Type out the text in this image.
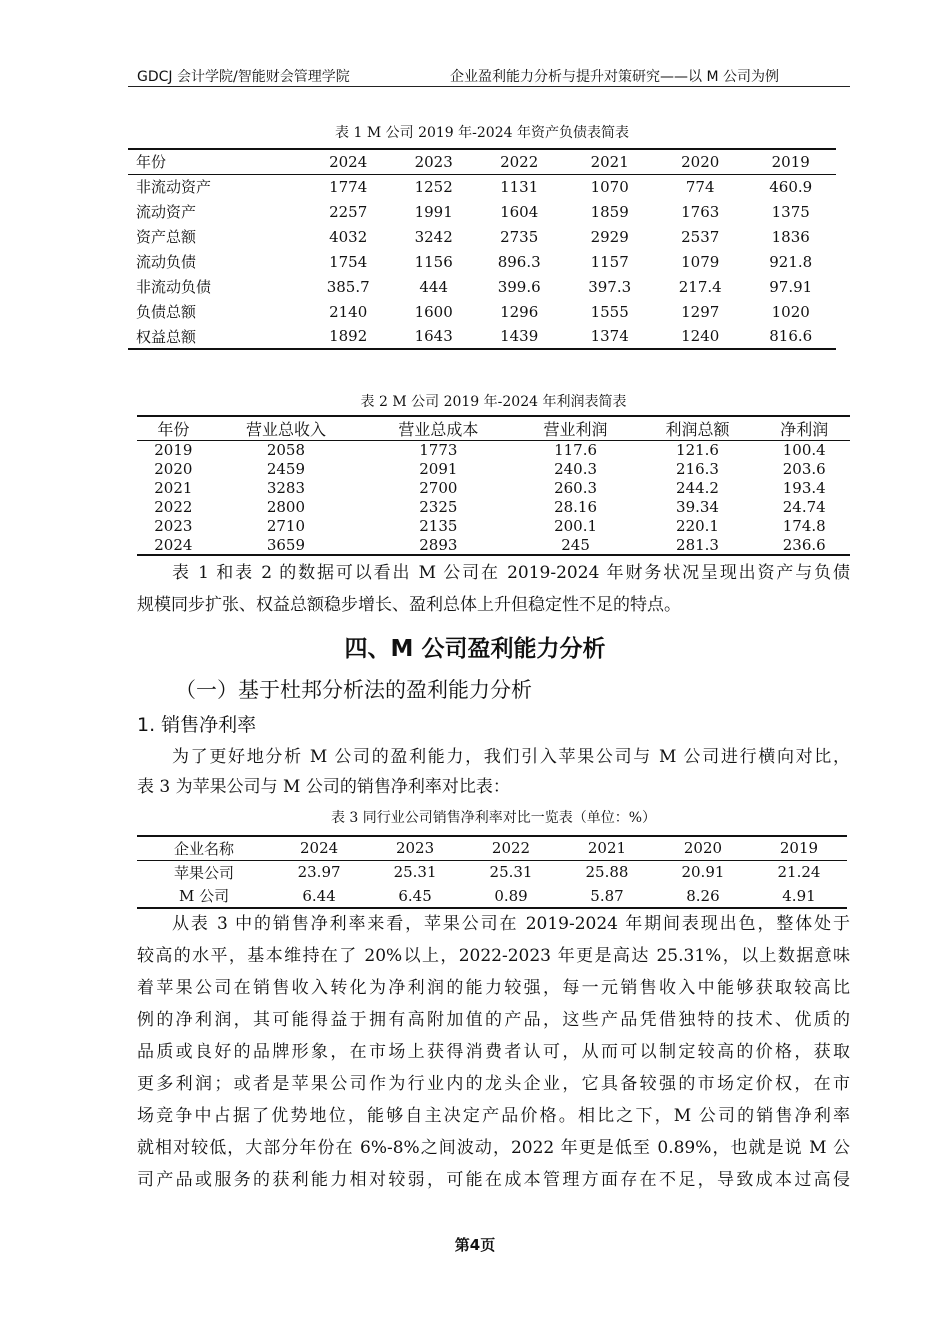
GDCJ 会计学院/智能财会管理学院	企业盈利能力分析与提升对策研究——以 M 公司为例
表 1 M 公司 2019 年-2024 年资产负债表简表
年份	2024	2023	2022	2021	2020	2019
非流动资产	1774	1252	1131	1070	774	460.9
流动资产	2257	1991	1604	1859	1763	1375
资产总额	4032	3242	2735	2929	2537	1836
流动负债	1754	1156	896.3	1157	1079	921.8
非流动负债	385.7	444	399.6	397.3	217.4	97.91
负债总额	2140	1600	1296	1555	1297	1020
权益总额	1892	1643	1439	1374	1240	816.6
表 2 M 公司 2019 年-2024 年利润表简表
年份	营业总收入	营业总成本	营业利润	利润总额	净利润
2019	2058	1773	117.6	121.6	100.4
2020	2459	2091	240.3	216.3	203.6
2021	3283	2700	260.3	244.2	193.4
2022	2800	2325	28.16	39.34	24.74
2023	2710	2135	200.1	220.1	174.8
2024	3659	2893	245	281.3	236.6
表 1 和表 2 的数据可以看出 M 公司在 2019-2024 年财务状况呈现出资产与负债
规模同步扩张、权益总额稳步增长、盈利总体上升但稳定性不足的特点。
四、M 公司盈利能力分析
（一）基于杜邦分析法的盈利能力分析
1. 销售净利率
为了更好地分析 M 公司的盈利能力，我们引入苹果公司与 M 公司进行横向对比，
表 3 为苹果公司与 M 公司的销售净利率对比表：
表 3 同行业公司销售净利率对比一览表（单位：%）
企业名称	2024	2023	2022	2021	2020	2019
苹果公司	23.97	25.31	25.31	25.88	20.91	21.24
M 公司	6.44	6.45	0.89	5.87	8.26	4.91
从表 3 中的销售净利率来看，苹果公司在 2019-2024 年期间表现出色，整体处于
较高的水平，基本维持在了 20%以上，2022-2023 年更是高达 25.31%，以上数据意味
着苹果公司在销售收入转化为净利润的能力较强，每一元销售收入中能够获取较高比
例的净利润，其可能得益于拥有高附加值的产品，这些产品凭借独特的技术、优质的
品质或良好的品牌形象，在市场上获得消费者认可，从而可以制定较高的价格，获取
更多利润；或者是苹果公司作为行业内的龙头企业，它具备较强的市场定价权，在市
场竞争中占据了优势地位，能够自主决定产品价格。相比之下，M 公司的销售净利率
就相对较低，大部分年份在 6%-8%之间波动，2022 年更是低至 0.89%，也就是说 M 公
司产品或服务的获利能力相对较弱，可能在成本管理方面存在不足，导致成本过高侵
第4页
